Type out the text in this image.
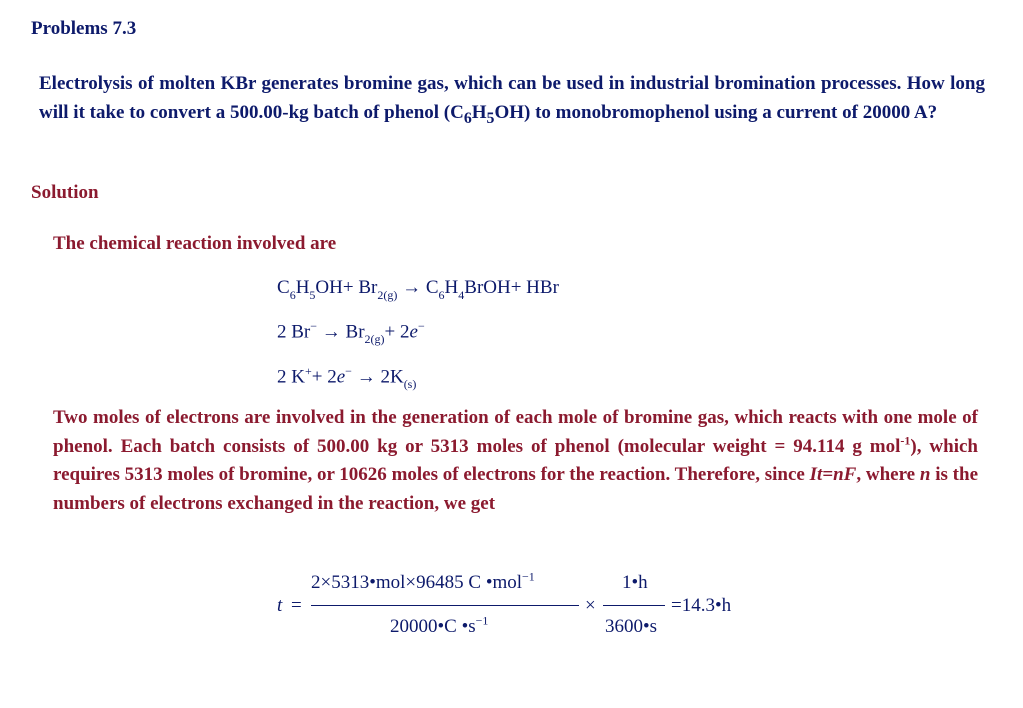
Problems 7.3
Electrolysis of molten KBr generates bromine gas, which can be used in industrial bromination processes. How long will it take to convert a 500.00-kg batch of phenol $(C_6H_5OH)$ to monobromophenol using a current of 20000 A?
Solution
The chemical reaction involved are
$C_6H_5OH+ Br_{2(g)}$ → $C_6H_4BrOH+$ HBr
2 $Br^- \to Br_{2(g)}+ 2e^-$
2 $K^++ 2e^- \to 2K_{(s)}$
Two moles of electrons are involved in the generation of each mole of bromine gas, which reacts with one mole of phenol. Each batch consists of 500.00 kg or 5313 moles of phenol (molecular weight = 94.114 g mol$^{-1}$), which requires 5313 moles of bromine, or 10626 moles of electrons for the reaction. Therefore, since It=nF, where n is the numbers of electrons exchanged in the reaction, we get
t =
2×5313•mol×96485 C •mol$^{-1}$
20000•C $•s^{-1}$
×
1•h
3600•s
=14.3•h
